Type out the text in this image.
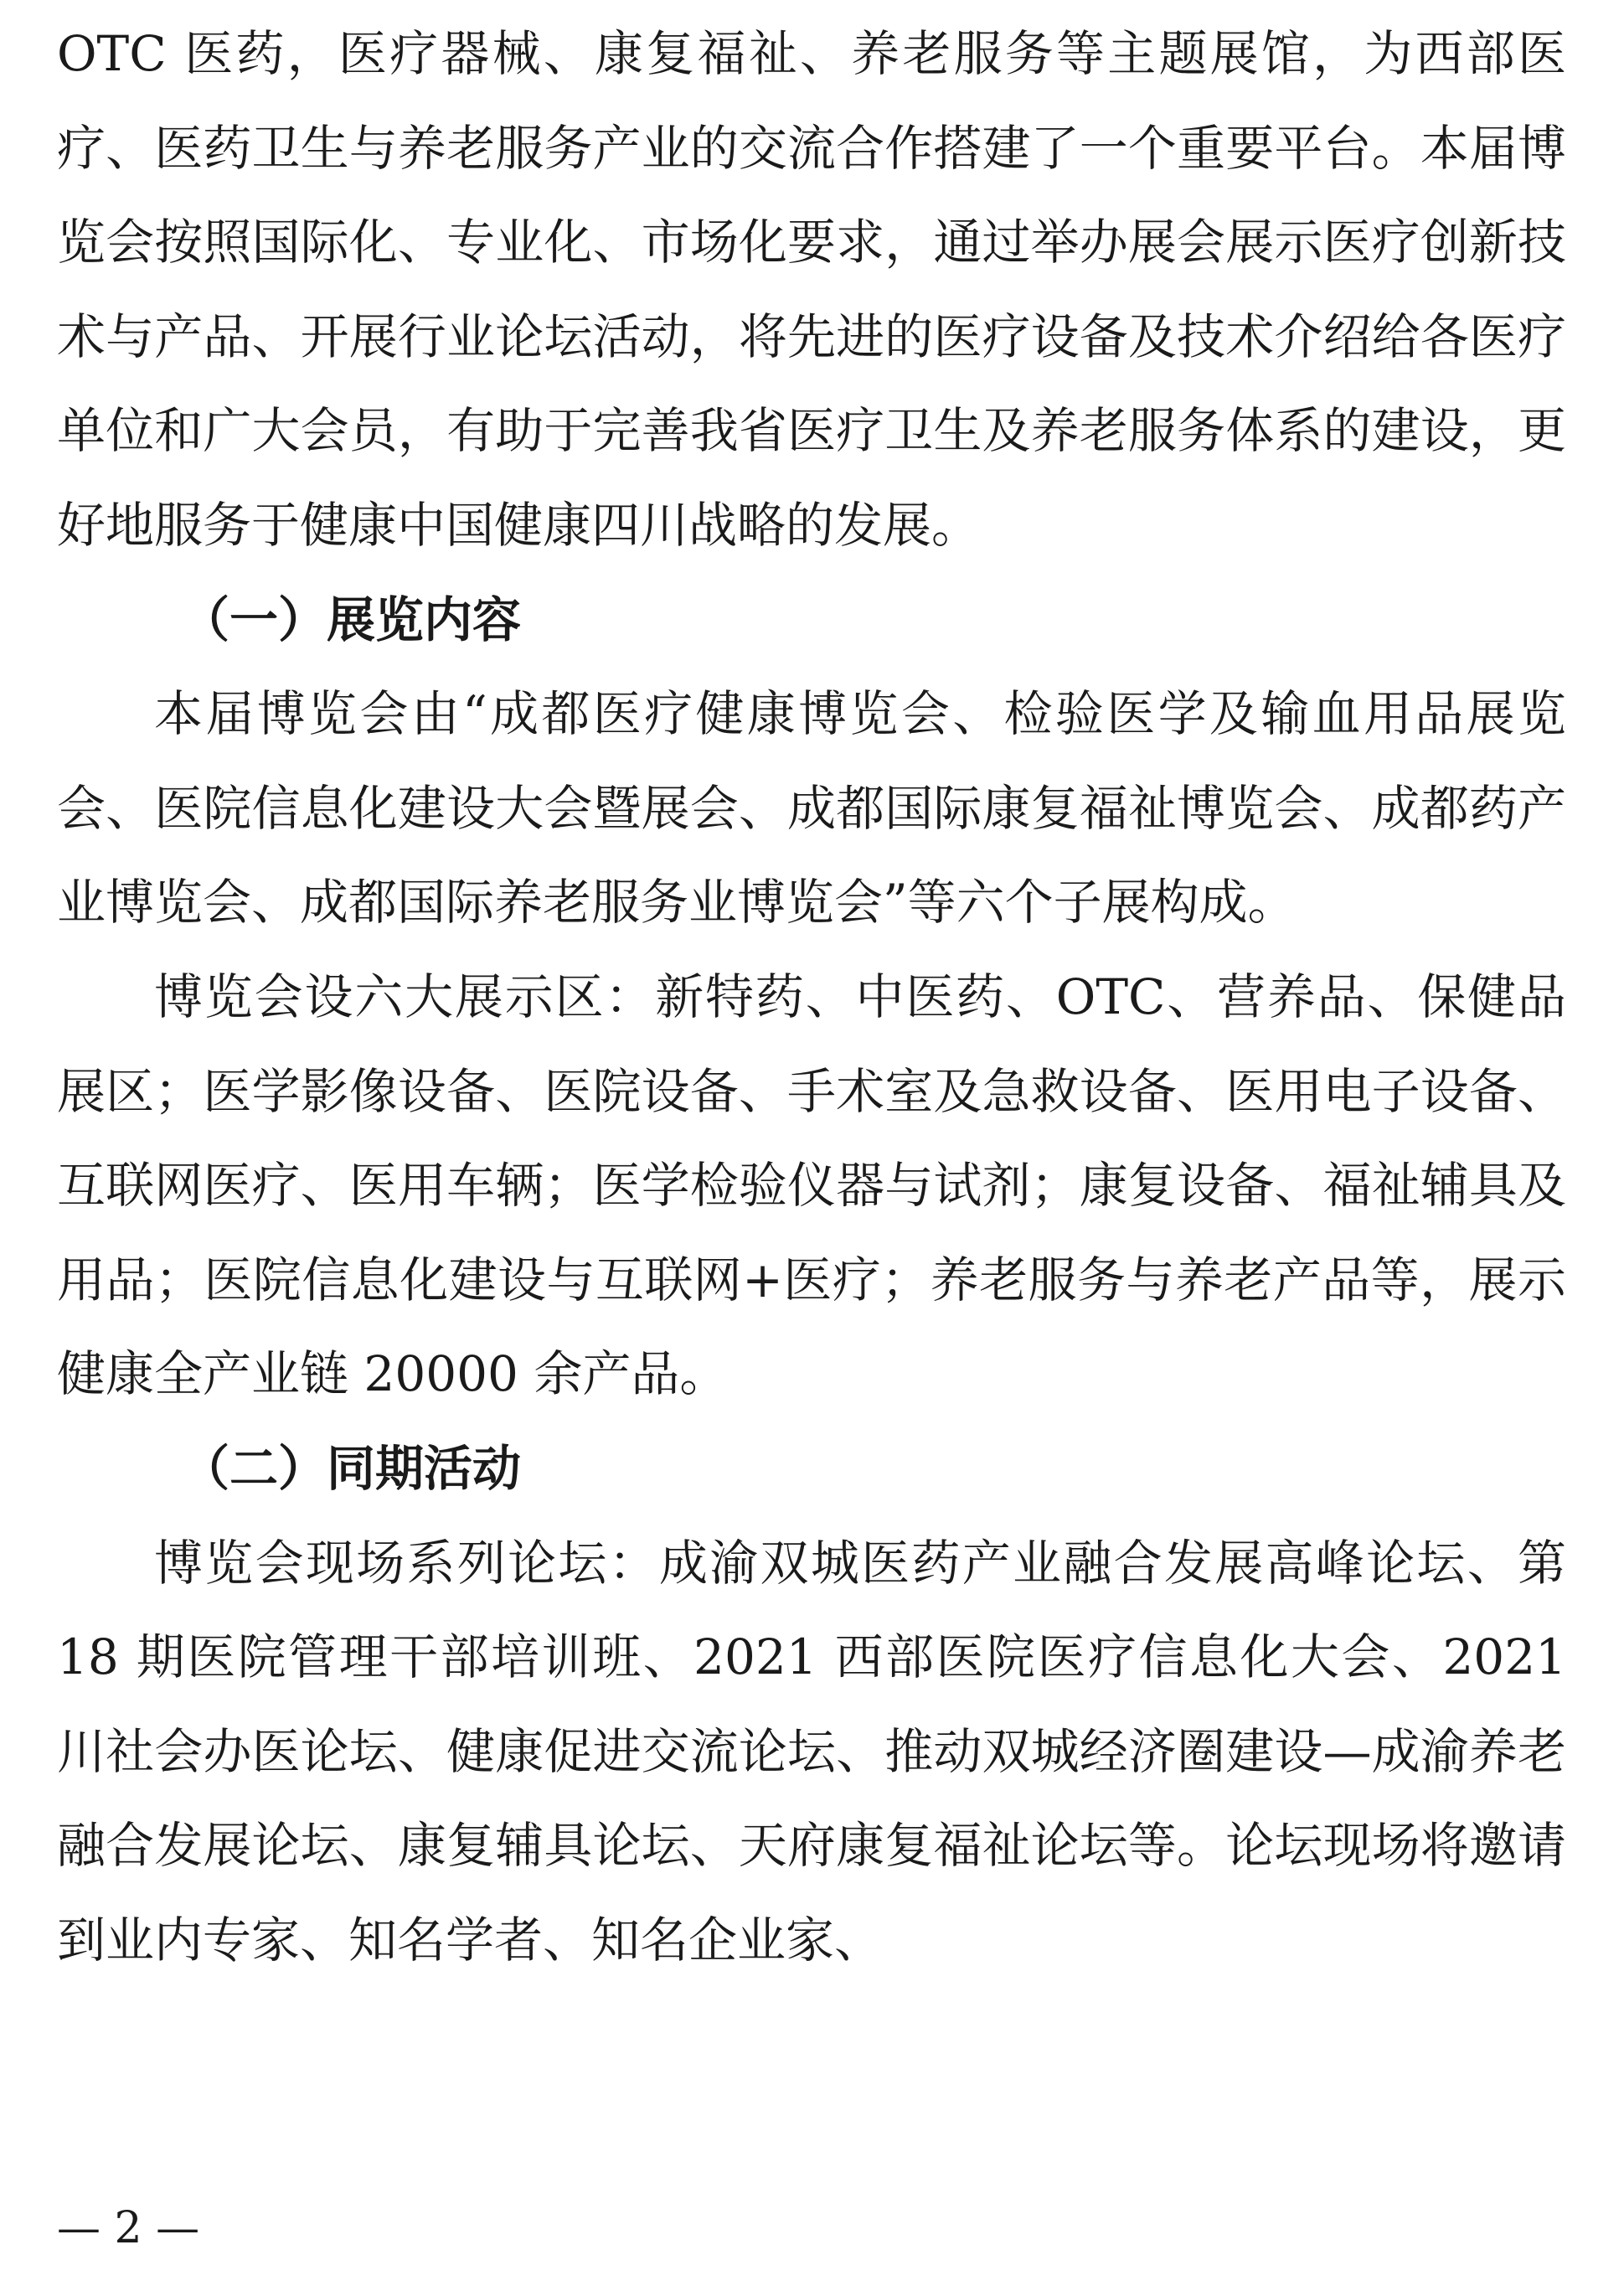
OTC 医药，医疗器械、康复福祉、养老服务等主题展馆，为西部医疗、医药卫生与养老服务产业的交流合作搭建了一个重要平台。本届博览会按照国际化、专业化、市场化要求，通过举办展会展示医疗创新技术与产品、开展行业论坛活动，将先进的医疗设备及技术介绍给各医疗单位和广大会员，有助于完善我省医疗卫生及养老服务体系的建设，更好地服务于健康中国健康四川战略的发展。

（一）展览内容

本届博览会由“成都医疗健康博览会、检验医学及输血用品展览会、医院信息化建设大会暨展会、成都国际康复福祉博览会、成都药产业博览会、成都国际养老服务业博览会”等六个子展构成。

博览会设六大展示区：新特药、中医药、OTC、营养品、保健品展区；医学影像设备、医院设备、手术室及急救设备、医用电子设备、互联网医疗、医用车辆；医学检验仪器与试剂；康复设备、福祉辅具及用品；医院信息化建设与互联网+医疗；养老服务与养老产品等，展示健康全产业链 20000 余产品。

（二）同期活动

博览会现场系列论坛：成渝双城医药产业融合发展高峰论坛、第 18 期医院管理干部培训班、2021 西部医院医疗信息化大会、2021 川社会办医论坛、健康促进交流论坛、推动双城经济圈建设—成渝养老融合发展论坛、康复辅具论坛、天府康复福祉论坛等。论坛现场将邀请到业内专家、知名学者、知名企业家、

— 2 —
